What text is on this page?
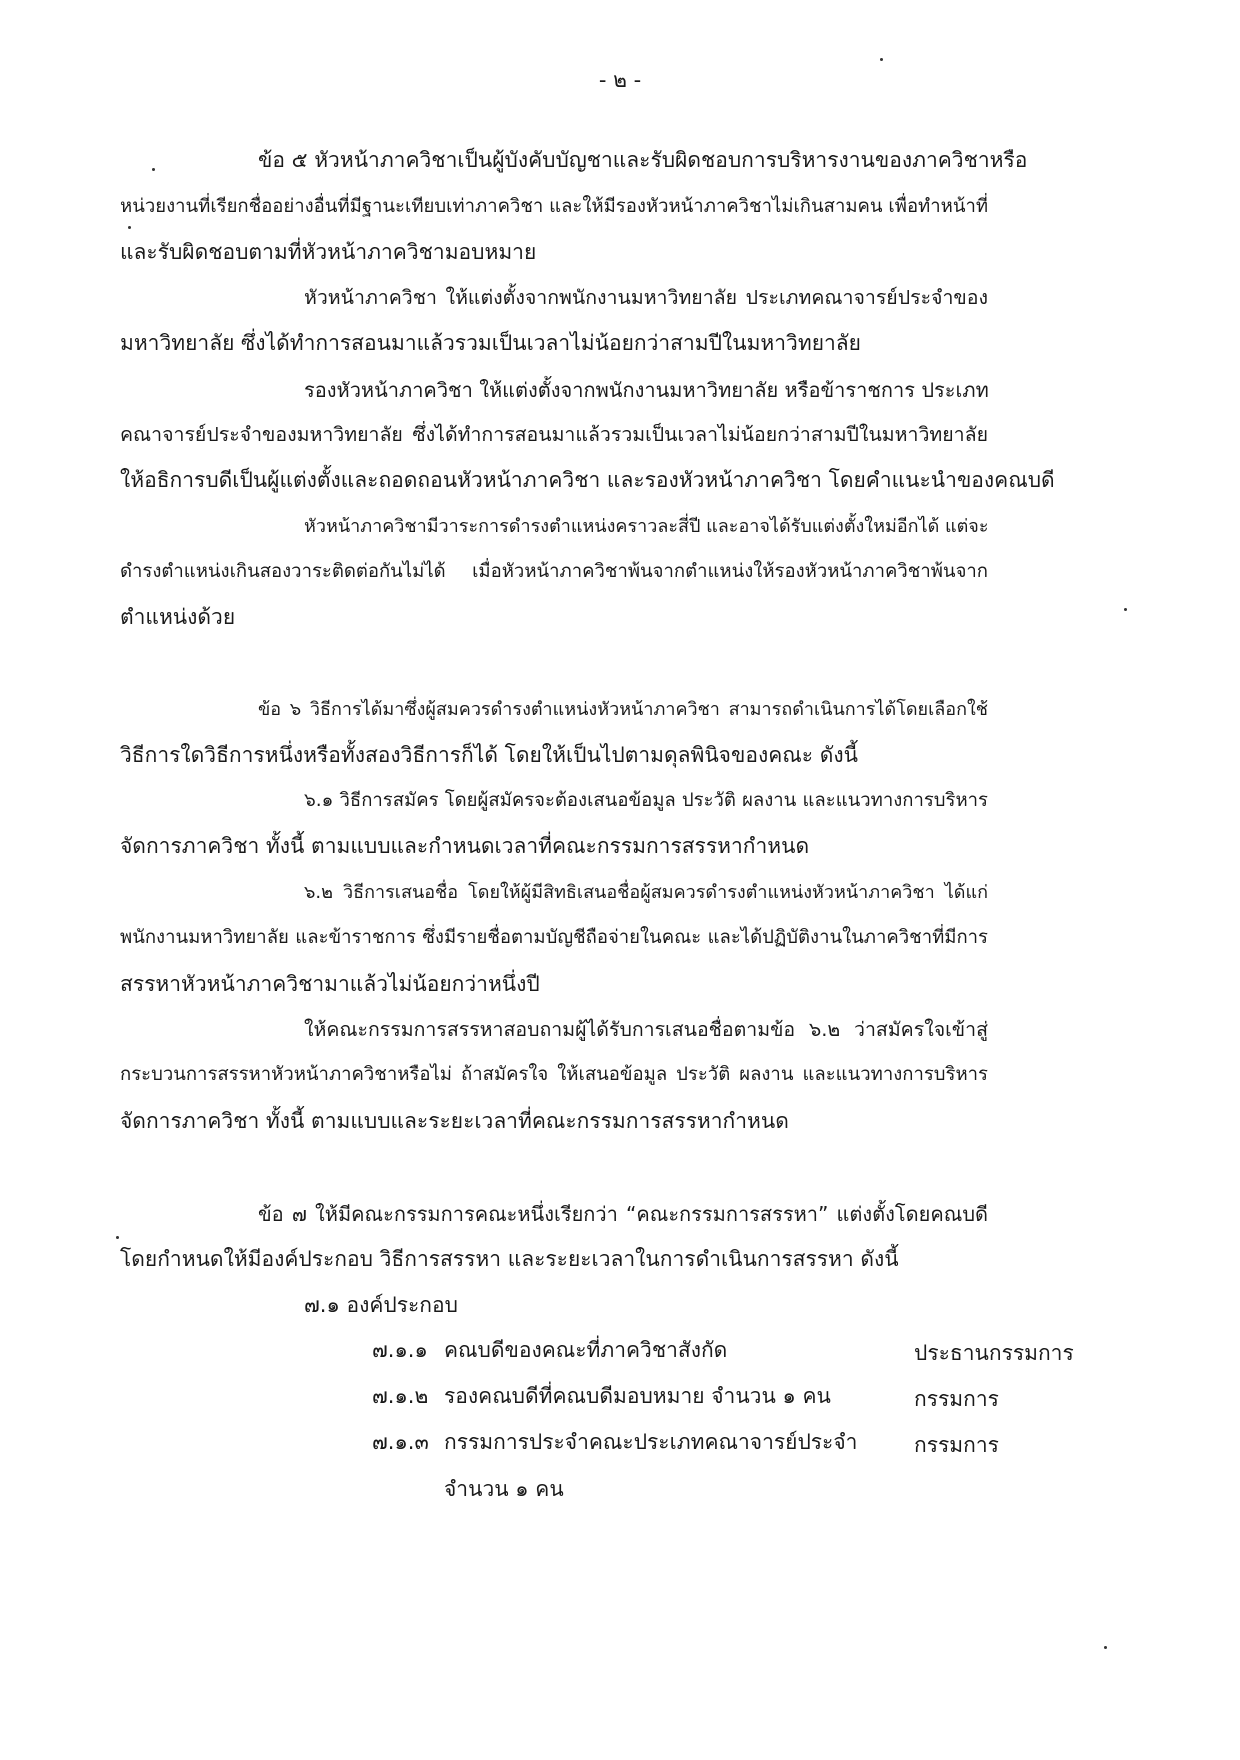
- ๒ -
ข้อ ๕ หัวหน้าภาควิชาเป็นผู้บังคับบัญชาและรับผิดชอบการบริหารงานของภาควิชาหรือ
หน่วยงานที่เรียกชื่ออย่างอื่นที่มีฐานะเทียบเท่าภาควิชา และให้มีรองหัวหน้าภาควิชาไม่เกินสามคน เพื่อทำหน้าที่
และรับผิดชอบตามที่หัวหน้าภาควิชามอบหมาย
หัวหน้าภาควิชา ให้แต่งตั้งจากพนักงานมหาวิทยาลัย ประเภทคณาจารย์ประจำของ
มหาวิทยาลัย ซึ่งได้ทำการสอนมาแล้วรวมเป็นเวลาไม่น้อยกว่าสามปีในมหาวิทยาลัย
รองหัวหน้าภาควิชา ให้แต่งตั้งจากพนักงานมหาวิทยาลัย หรือข้าราชการ ประเภท
คณาจารย์ประจำของมหาวิทยาลัย ซึ่งได้ทำการสอนมาแล้วรวมเป็นเวลาไม่น้อยกว่าสามปีในมหาวิทยาลัย
ให้อธิการบดีเป็นผู้แต่งตั้งและถอดถอนหัวหน้าภาควิชา และรองหัวหน้าภาควิชา โดยคำแนะนำของคณบดี
หัวหน้าภาควิชามีวาระการดำรงตำแหน่งคราวละสี่ปี และอาจได้รับแต่งตั้งใหม่อีกได้ แต่จะ
ดำรงตำแหน่งเกินสองวาระติดต่อกันไม่ได้ เมื่อหัวหน้าภาควิชาพ้นจากตำแหน่งให้รองหัวหน้าภาควิชาพ้นจาก
ตำแหน่งด้วย
ข้อ ๖ วิธีการได้มาซึ่งผู้สมควรดำรงตำแหน่งหัวหน้าภาควิชา สามารถดำเนินการได้โดยเลือกใช้
วิธีการใดวิธีการหนึ่งหรือทั้งสองวิธีการก็ได้ โดยให้เป็นไปตามดุลพินิจของคณะ ดังนี้
๖.๑ วิธีการสมัคร โดยผู้สมัครจะต้องเสนอข้อมูล ประวัติ ผลงาน และแนวทางการบริหาร
จัดการภาควิชา ทั้งนี้ ตามแบบและกำหนดเวลาที่คณะกรรมการสรรหากำหนด
๖.๒ วิธีการเสนอชื่อ โดยให้ผู้มีสิทธิเสนอชื่อผู้สมควรดำรงตำแหน่งหัวหน้าภาควิชา ได้แก่
พนักงานมหาวิทยาลัย และข้าราชการ ซึ่งมีรายชื่อตามบัญชีถือจ่ายในคณะ และได้ปฏิบัติงานในภาควิชาที่มีการ
สรรหาหัวหน้าภาควิชามาแล้วไม่น้อยกว่าหนึ่งปี
ให้คณะกรรมการสรรหาสอบถามผู้ได้รับการเสนอชื่อตามข้อ ๖.๒ ว่าสมัครใจเข้าสู่
กระบวนการสรรหาหัวหน้าภาควิชาหรือไม่ ถ้าสมัครใจ ให้เสนอข้อมูล ประวัติ ผลงาน และแนวทางการบริหาร
จัดการภาควิชา ทั้งนี้ ตามแบบและระยะเวลาที่คณะกรรมการสรรหากำหนด
ข้อ ๗ ให้มีคณะกรรมการคณะหนึ่งเรียกว่า “คณะกรรมการสรรหา” แต่งตั้งโดยคณบดี
โดยกำหนดให้มีองค์ประกอบ วิธีการสรรหา และระยะเวลาในการดำเนินการสรรหา ดังนี้
๗.๑ องค์ประกอบ
๗.๑.๑ คณบดีของคณะที่ภาควิชาสังกัด	ประธานกรรมการ
๗.๑.๒ รองคณบดีที่คณบดีมอบหมาย จำนวน ๑ คน	กรรมการ
๗.๑.๓ กรรมการประจำคณะประเภทคณาจารย์ประจำ	กรรมการ
จำนวน ๑ คน
